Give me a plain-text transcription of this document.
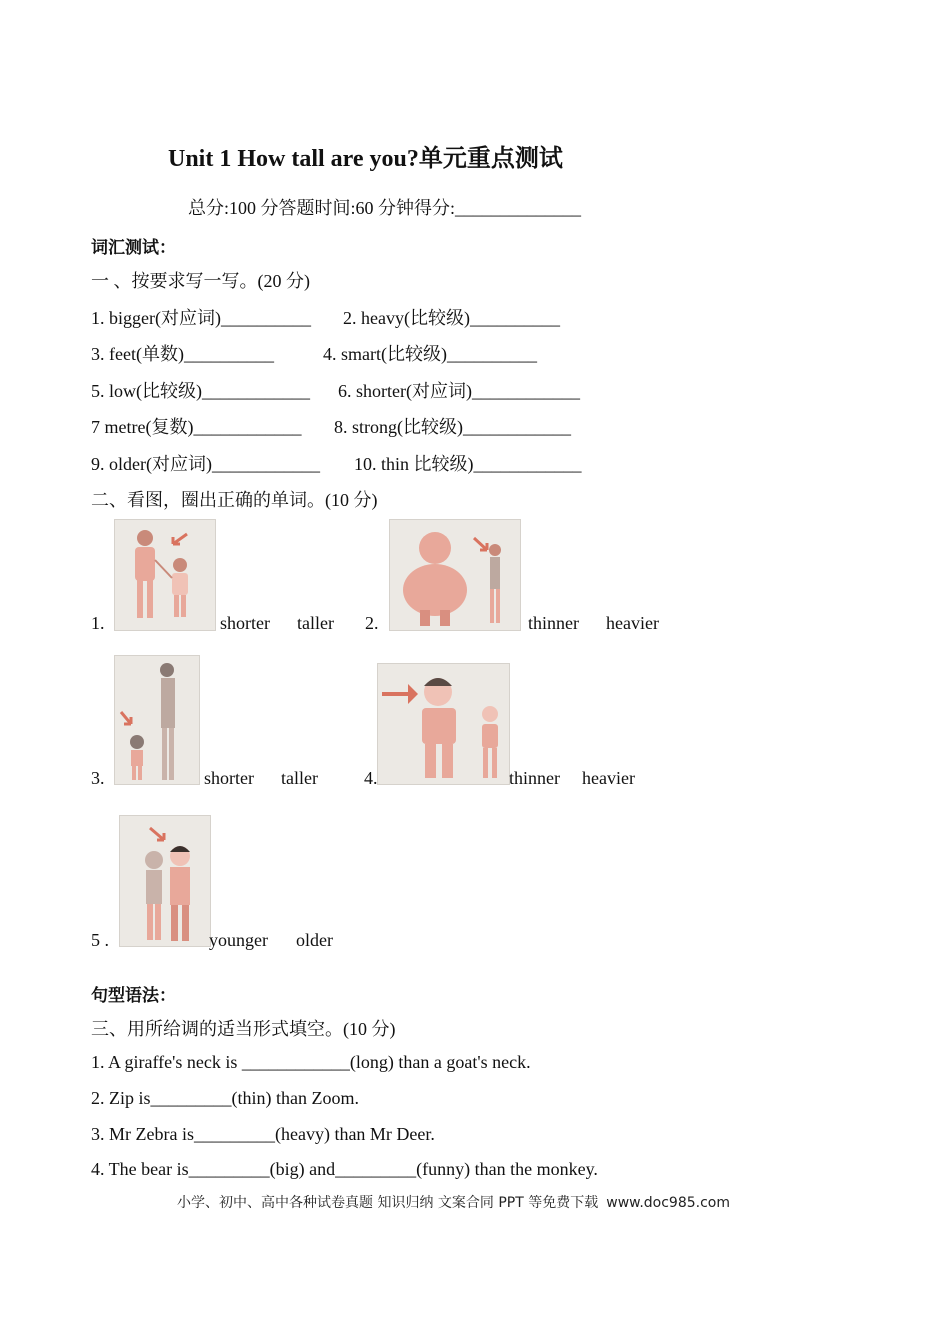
Unit 1 How tall are you?单元重点测试
总分:100 分答题时间:60 分钟得分:______________
词汇测试：
一 、按要求写一写。(20 分)
1. bigger(对应词)__________ 2. heavy(比较级)__________
3. feet(单数)__________	4. smart(比较级)__________
5. low(比较级)____________ 6. shorter(对应词)____________
7 metre(复数)____________ 8. strong(比较级)____________
9. older(对应词)____________ 10. thin 比较级)____________
二、看图，圈出正确的单词。(10 分)
1.	shorter taller 2.	thinner heavier
3.	shorter taller	4.	thinner heavier
5 .	younger older
句型语法：
三、用所给调的适当形式填空。(10 分)
1. A giraffe's neck is ____________(long) than a goat's neck.
2. Zip is_________(thin) than Zoom.
3. Mr Zebra is_________(heavy) than Mr Deer.
4. The bear is_________(big) and_________(funny) than the monkey.
小学、初中、高中各种试卷真题 知识归纳 文案合同 PPT 等免费下载 www.doc985.com
